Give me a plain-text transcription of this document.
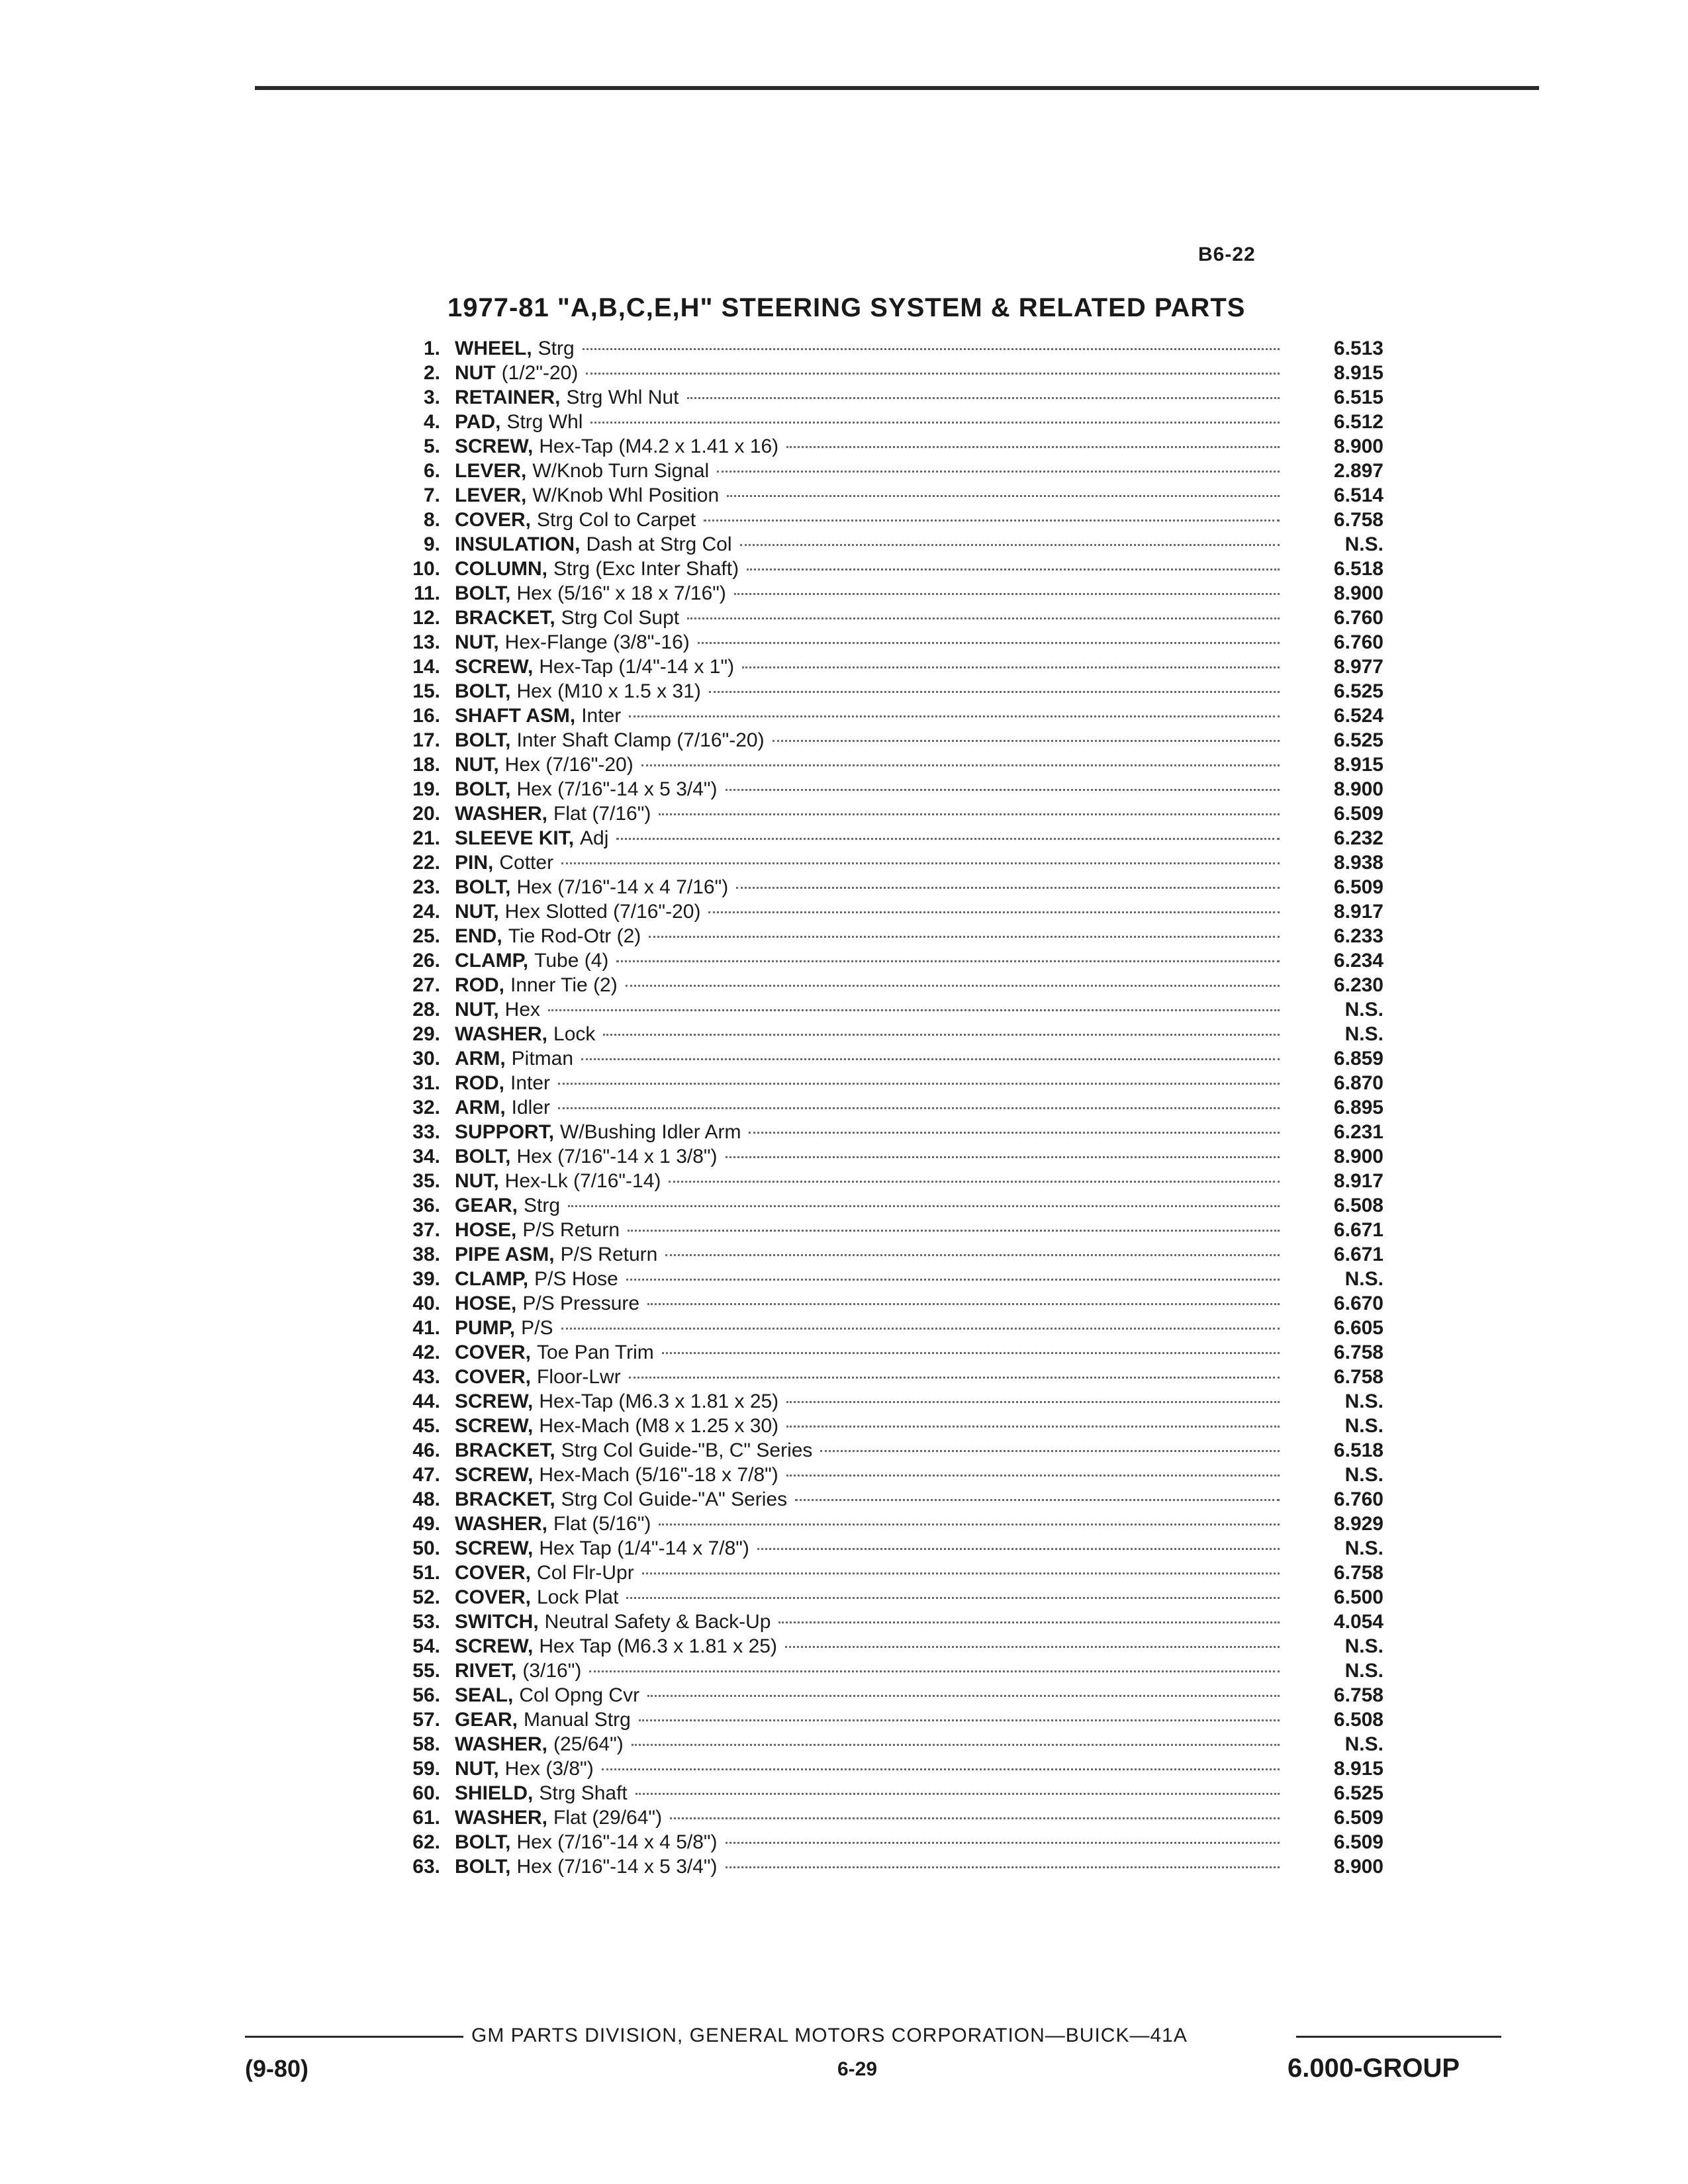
B6-22
1977-81 "A,B,C,E,H" STEERING SYSTEM & RELATED PARTS
1. WHEEL, Strg	6.513
2. NUT (1/2"-20)	8.915
3. RETAINER, Strg Whl Nut	6.515
4. PAD, Strg Whl	6.512
5. SCREW, Hex-Tap (M4.2 x 1.41 x 16)	8.900
6. LEVER, W/Knob Turn Signal	2.897
7. LEVER, W/Knob Whl Position	6.514
8. COVER, Strg Col to Carpet	6.758
9. INSULATION, Dash at Strg Col	N.S.
10. COLUMN, Strg (Exc Inter Shaft)	6.518
11. BOLT, Hex (5/16" x 18 x 7/16")	8.900
12. BRACKET, Strg Col Supt	6.760
13. NUT, Hex-Flange (3/8"-16)	6.760
14. SCREW, Hex-Tap (1/4"-14 x 1")	8.977
15. BOLT, Hex (M10 x 1.5 x 31)	6.525
16. SHAFT ASM, Inter	6.524
17. BOLT, Inter Shaft Clamp (7/16"-20)	6.525
18. NUT, Hex (7/16"-20)	8.915
19. BOLT, Hex (7/16"-14 x 5 3/4")	8.900
20. WASHER, Flat (7/16")	6.509
21. SLEEVE KIT, Adj	6.232
22. PIN, Cotter	8.938
23. BOLT, Hex (7/16"-14 x 4 7/16")	6.509
24. NUT, Hex Slotted (7/16"-20)	8.917
25. END, Tie Rod-Otr (2)	6.233
26. CLAMP, Tube (4)	6.234
27. ROD, Inner Tie (2)	6.230
28. NUT, Hex	N.S.
29. WASHER, Lock	N.S.
30. ARM, Pitman	6.859
31. ROD, Inter	6.870
32. ARM, Idler	6.895
33. SUPPORT, W/Bushing Idler Arm	6.231
34. BOLT, Hex (7/16"-14 x 1 3/8")	8.900
35. NUT, Hex-Lk (7/16"-14)	8.917
36. GEAR, Strg	6.508
37. HOSE, P/S Return	6.671
38. PIPE ASM, P/S Return	6.671
39. CLAMP, P/S Hose	N.S.
40. HOSE, P/S Pressure	6.670
41. PUMP, P/S	6.605
42. COVER, Toe Pan Trim	6.758
43. COVER, Floor-Lwr	6.758
44. SCREW, Hex-Tap (M6.3 x 1.81 x 25)	N.S.
45. SCREW, Hex-Mach (M8 x 1.25 x 30)	N.S.
46. BRACKET, Strg Col Guide-"B, C" Series	6.518
47. SCREW, Hex-Mach (5/16"-18 x 7/8")	N.S.
48. BRACKET, Strg Col Guide-"A" Series	6.760
49. WASHER, Flat (5/16")	8.929
50. SCREW, Hex Tap (1/4"-14 x 7/8")	N.S.
51. COVER, Col Flr-Upr	6.758
52. COVER, Lock Plat	6.500
53. SWITCH, Neutral Safety & Back-Up	4.054
54. SCREW, Hex Tap (M6.3 x 1.81 x 25)	N.S.
55. RIVET, (3/16")	N.S.
56. SEAL, Col Opng Cvr	6.758
57. GEAR, Manual Strg	6.508
58. WASHER, (25/64")	N.S.
59. NUT, Hex (3/8")	8.915
60. SHIELD, Strg Shaft	6.525
61. WASHER, Flat (29/64")	6.509
62. BOLT, Hex (7/16"-14 x 4 5/8")	6.509
63. BOLT, Hex (7/16"-14 x 5 3/4")	8.900
GM PARTS DIVISION, GENERAL MOTORS CORPORATION—BUICK—41A
(9-80)	6-29	6.000-GROUP
